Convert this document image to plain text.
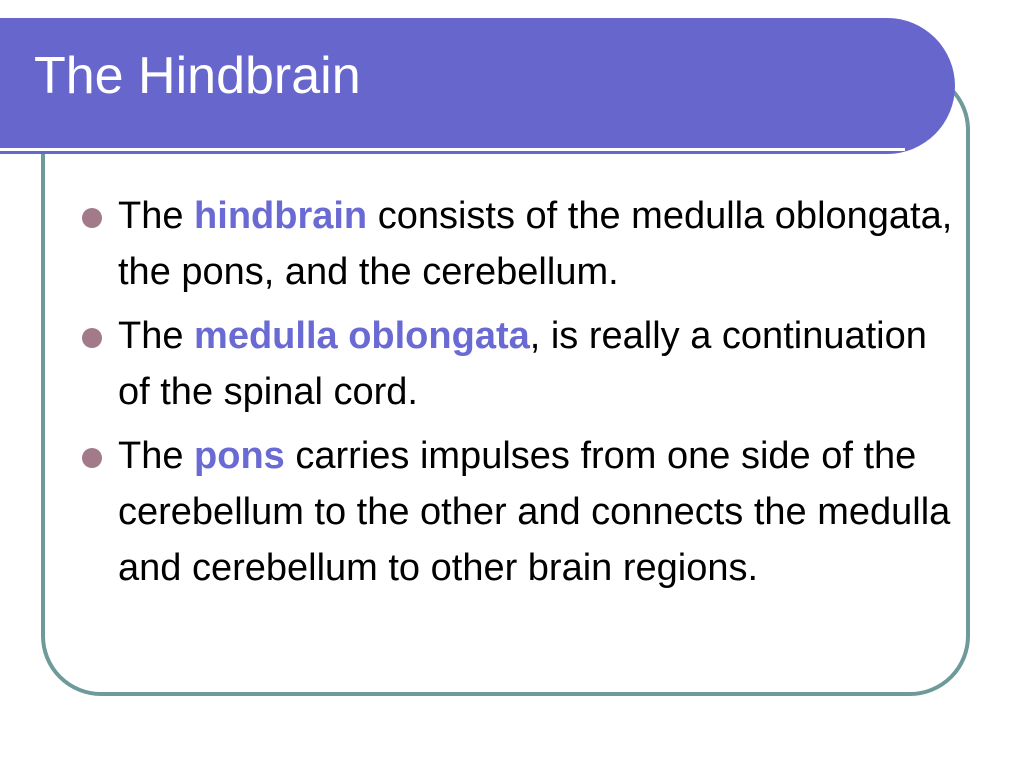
The Hindbrain
The hindbrain consists of the medulla oblongata, the pons, and the cerebellum.
The medulla oblongata, is really a continuation of the spinal cord.
The pons carries impulses from one side of the cerebellum to the other and connects the medulla and cerebellum to other brain regions.
